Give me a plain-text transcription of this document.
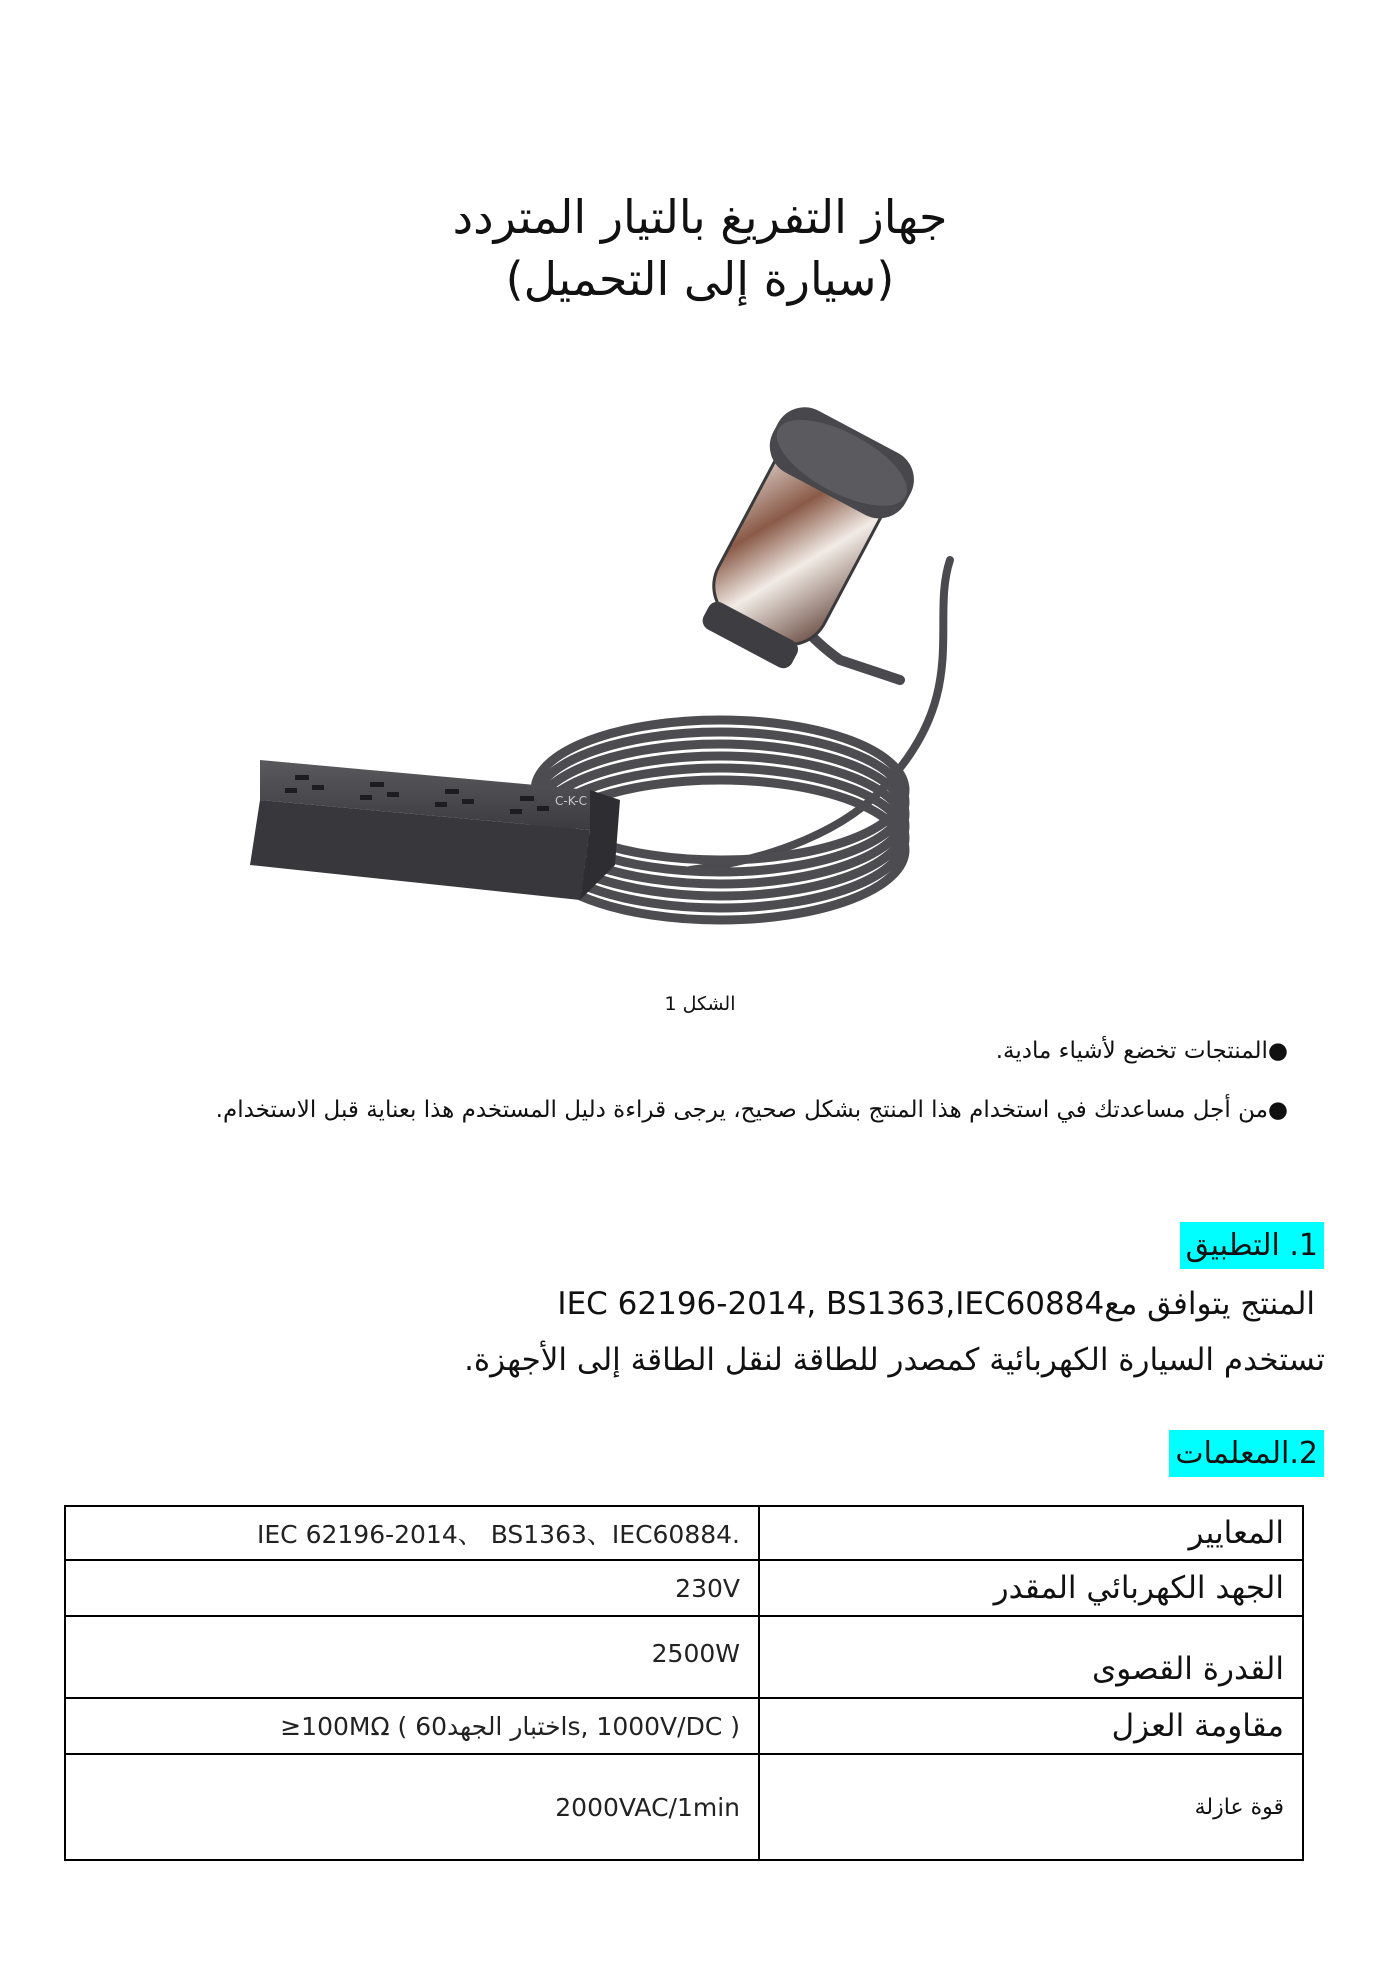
جهاز التفريغ بالتيار المتردد
(سيارة إلى التحميل)
C-K-C
الشكل 1
●المنتجات تخضع لأشياء مادية.
●من أجل مساعدتك في استخدام هذا المنتج بشكل صحيح، يرجى قراءة دليل المستخدم هذا بعناية قبل الاستخدام.
1. التطبيق
المنتج يتوافق معIEC 62196-2014, BS1363,IEC60884
تستخدم السيارة الكهربائية كمصدر للطاقة لنقل الطاقة إلى الأجهزة.
2.المعلمات
IEC 62196-2014、 BS1363、IEC60884.	المعايير
230V	الجهد الكهربائي المقدر
2500W	القدرة القصوى
≥100MΩ ( اختبار الجهد60s, 1000V/DC )	مقاومة العزل
2000VAC/1min	قوة عازلة
